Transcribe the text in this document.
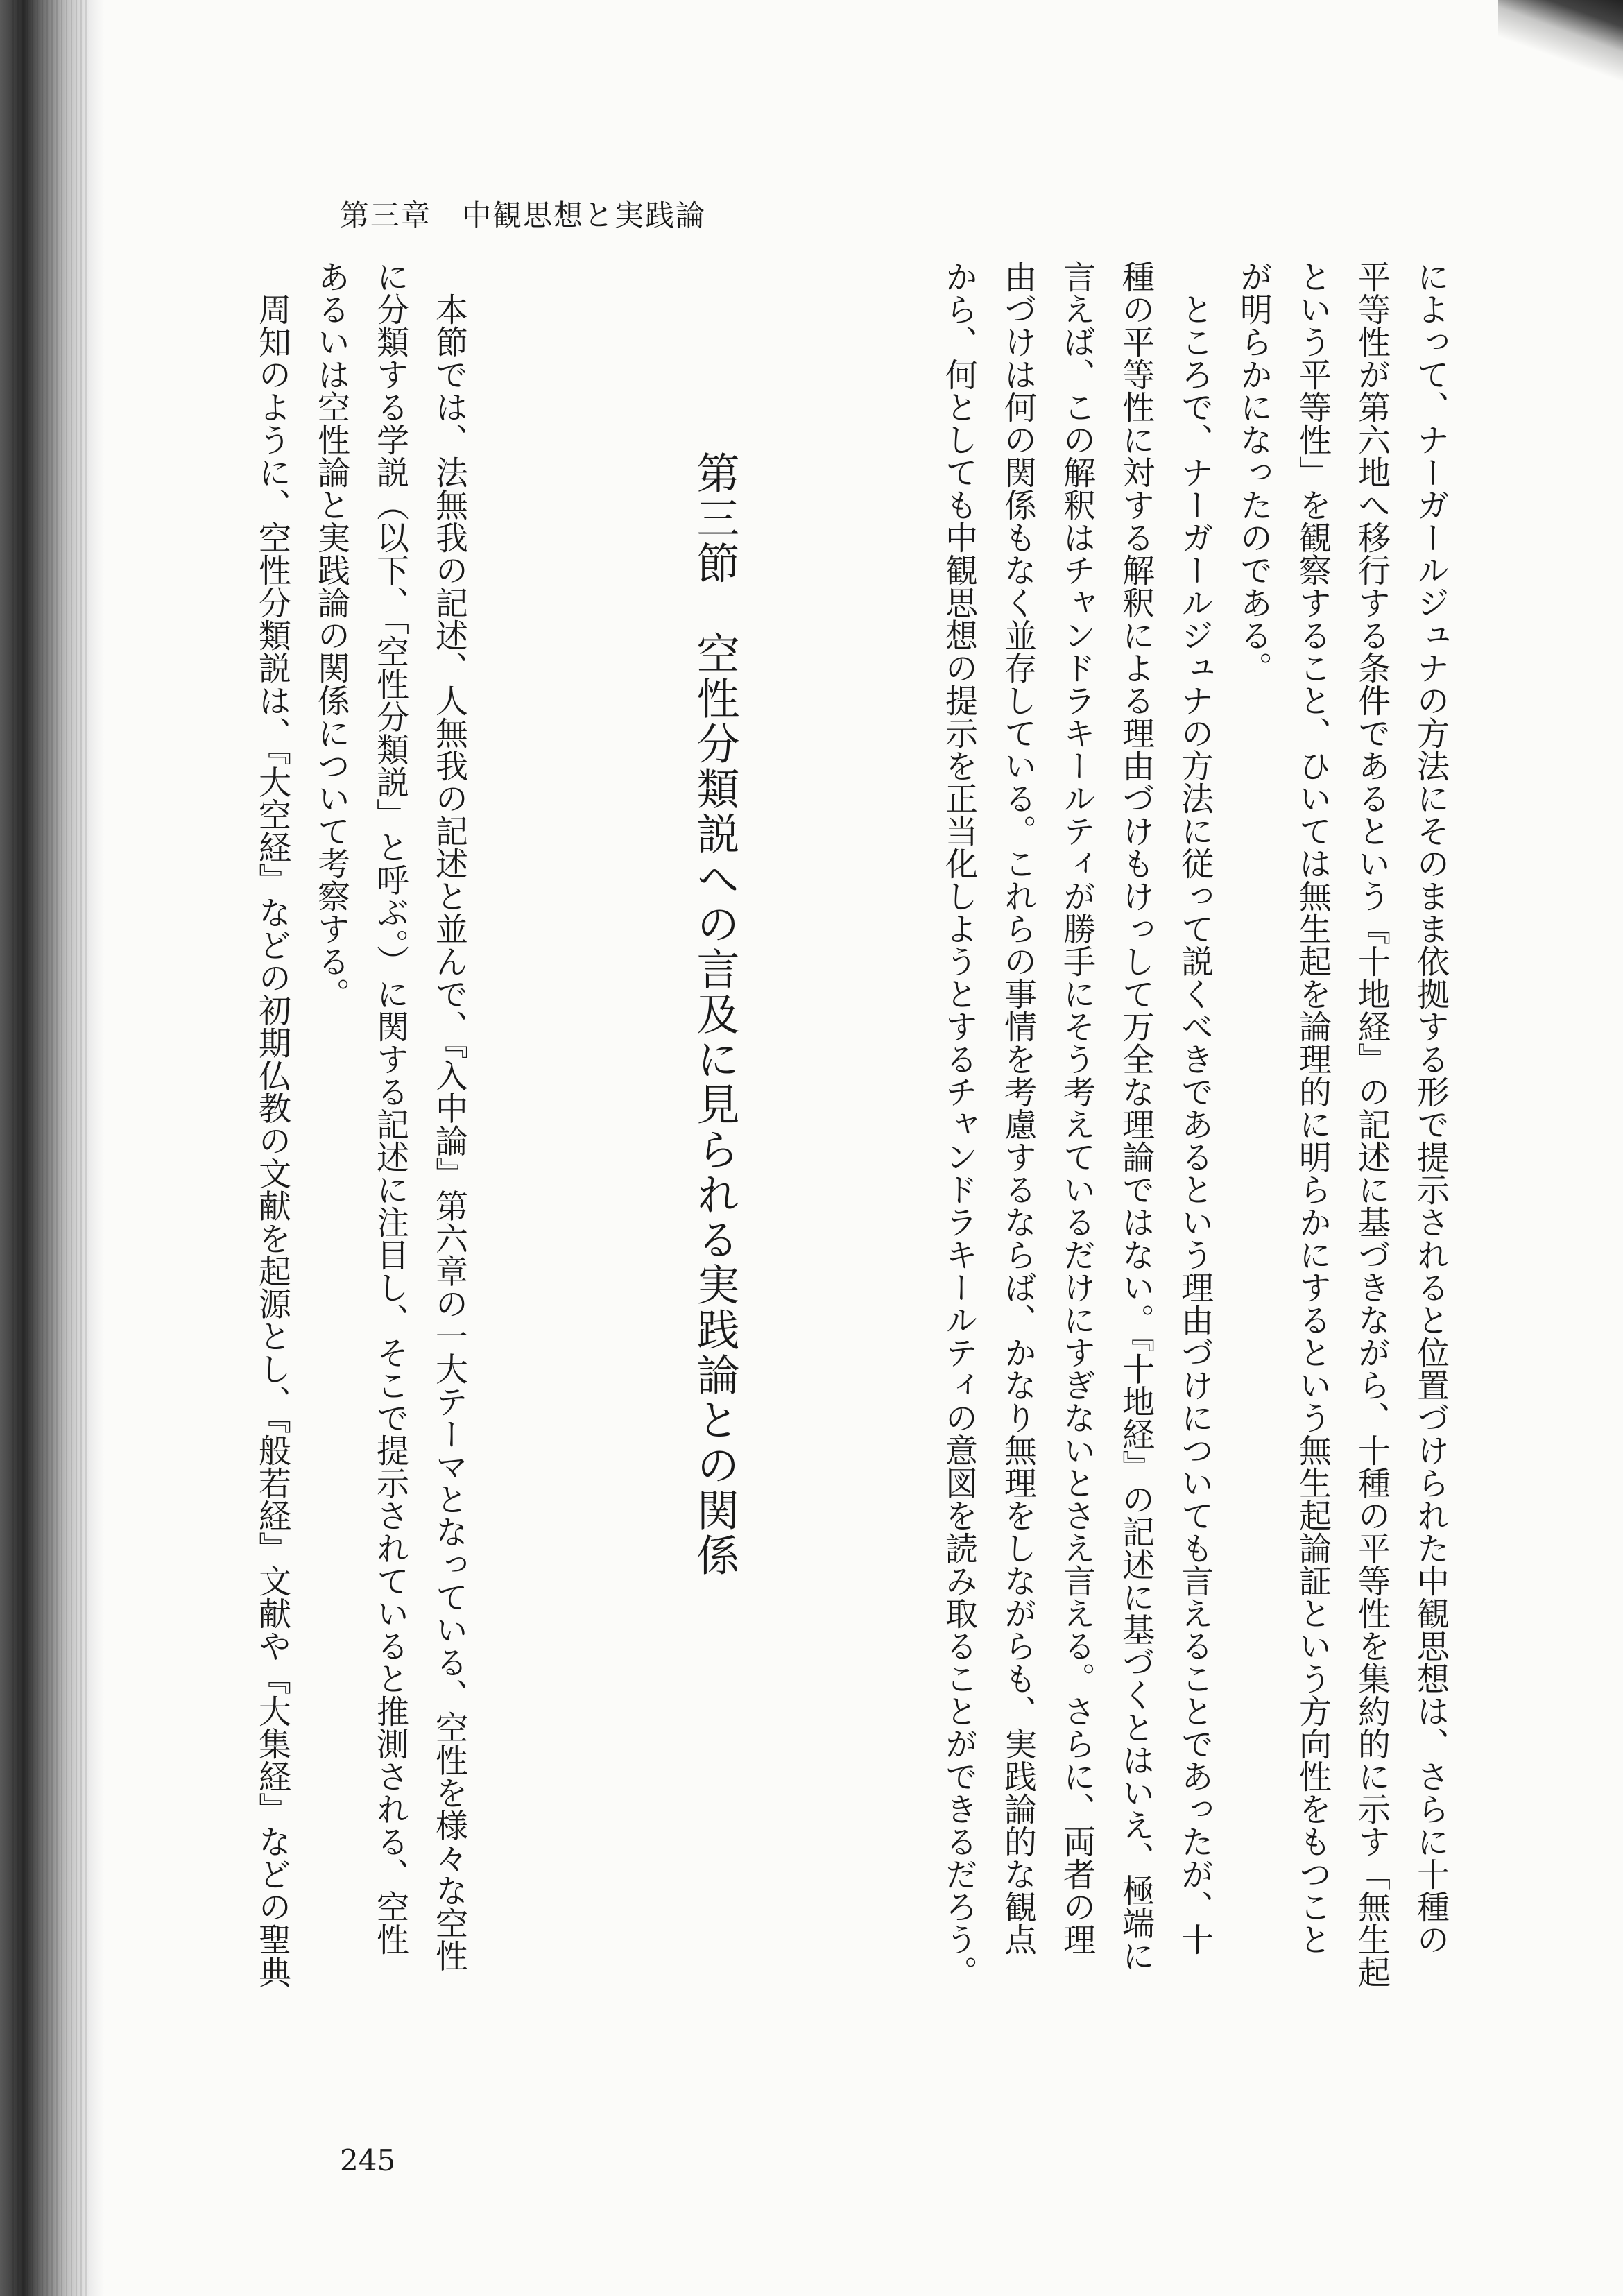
第三章　中観思想と実践論

によって、ナーガールジュナの方法にそのまま依拠する形で提示されると位置づけられた中観思想は、さらに十種の

平等性が第六地へ移行する条件であるという『十地経』の記述に基づきながら、十種の平等性を集約的に示す「無生起

という平等性」を観察すること、ひいては無生起を論理的に明らかにするという無生起論証という方向性をもつこと

が明らかになったのである。

　ところで、ナーガールジュナの方法に従って説くべきであるという理由づけについても言えることであったが、十

種の平等性に対する解釈による理由づけもけっして万全な理論ではない。『十地経』の記述に基づくとはいえ、極端に

言えば、この解釈はチャンドラキールティが勝手にそう考えているだけにすぎないとさえ言える。さらに、両者の理

由づけは何の関係もなく並存している。これらの事情を考慮するならば、かなり無理をしながらも、実践論的な観点

から、何としても中観思想の提示を正当化しようとするチャンドラキールティの意図を読み取ることができるだろう。

第三節　空性分類説への言及に見られる実践論との関係

　本節では、法無我の記述、人無我の記述と並んで、『入中論』第六章の一大テーマとなっている、空性を様々な空性

に分類する学説（以下、「空性分類説」と呼ぶ。）に関する記述に注目し、そこで提示されていると推測される、空性

あるいは空性論と実践論の関係について考察する。

　周知のように、空性分類説は、『大空経』などの初期仏教の文献を起源とし、『般若経』文献や『大集経』などの聖典

245
